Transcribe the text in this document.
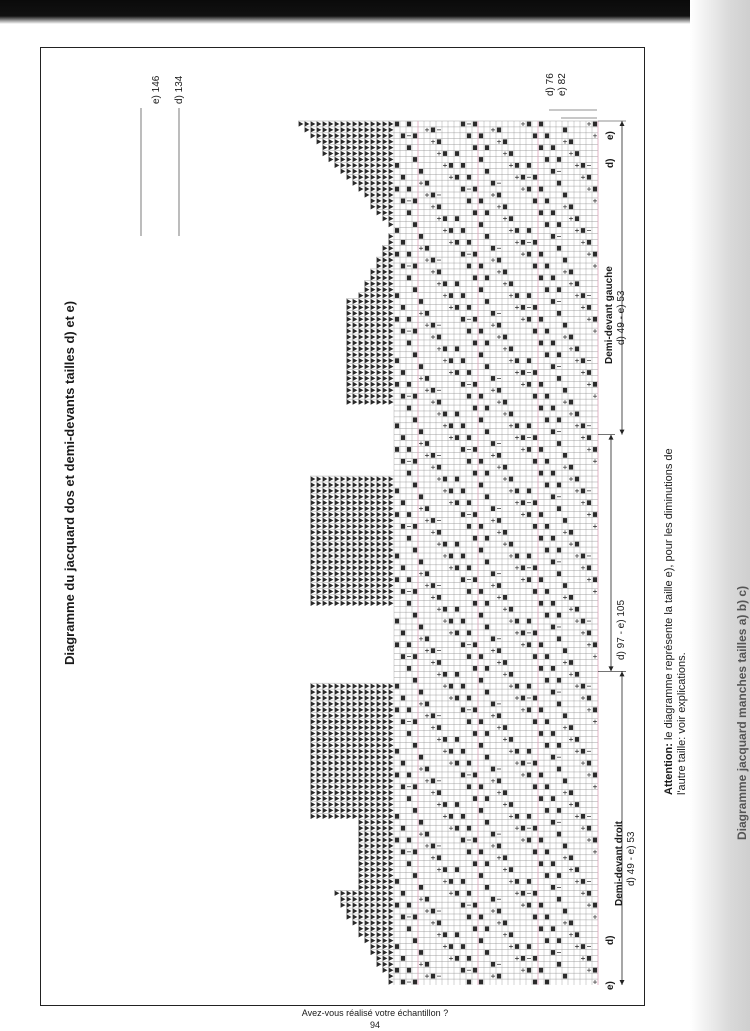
Diagramme du jacquard dos et demi-devants tailles d) et e)
Attention: le diagramme représente la taille e), pour les diminutions de l'autre taille: voir explications.
e) 146 d) 134	d) 76 e) 82
e)
d)
e)
d)
Demi-devant gauche d) 49 - e) 53
d) 97 - e) 105
Demi-devant droit d) 49 - e) 53
Diagramme jacquard manches tailles a) b) c)
Avez-vous réalisé votre échantillon ?
94
